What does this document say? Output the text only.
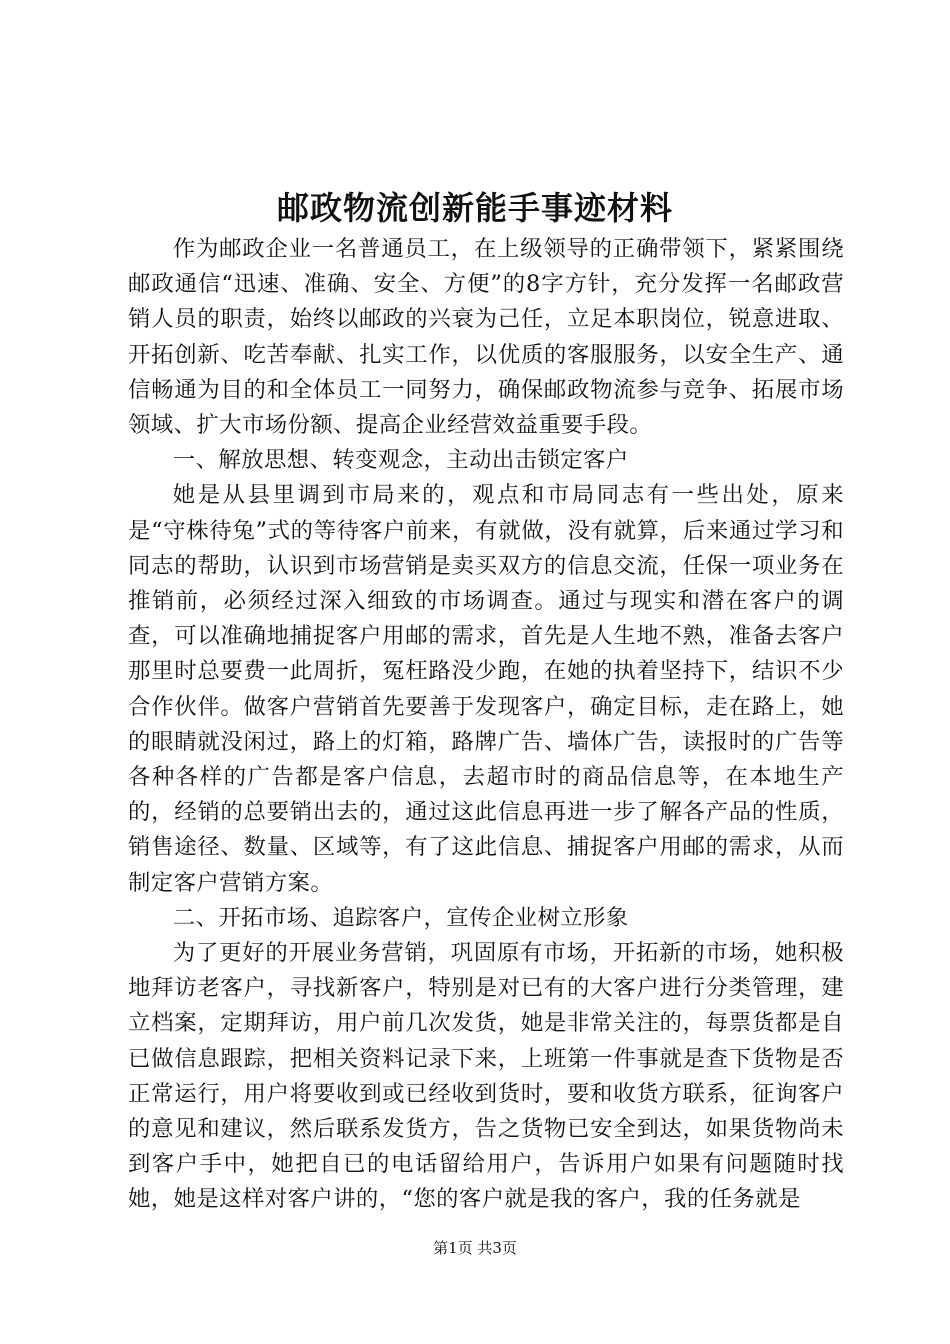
邮政物流创新能手事迹材料

作为邮政企业一名普通员工，在上级领导的正确带领下，紧紧围绕邮政通信“迅速、准确、安全、方便”的8字方针，充分发挥一名邮政营销人员的职责，始终以邮政的兴衰为己任，立足本职岗位，锐意进取、开拓创新、吃苦奉献、扎实工作，以优质的客服服务，以安全生产、通信畅通为目的和全体员工一同努力，确保邮政物流参与竞争、拓展市场领域、扩大市场份额、提高企业经营效益重要手段。

一、解放思想、转变观念，主动出击锁定客户

她是从县里调到市局来的，观点和市局同志有一些出处，原来是“守株待兔”式的等待客户前来，有就做，没有就算，后来通过学习和同志的帮助，认识到市场营销是卖买双方的信息交流，任保一项业务在推销前，必须经过深入细致的市场调查。通过与现实和潜在客户的调查，可以准确地捕捉客户用邮的需求，首先是人生地不熟，准备去客户那里时总要费一此周折，冤枉路没少跑，在她的执着坚持下，结识不少合作伙伴。做客户营销首先要善于发现客户，确定目标，走在路上，她的眼睛就没闲过，路上的灯箱，路牌广告、墙体广告，读报时的广告等各种各样的广告都是客户信息，去超市时的商品信息等，在本地生产的，经销的总要销出去的，通过这此信息再进一步了解各产品的性质，销售途径、数量、区域等，有了这此信息、捕捉客户用邮的需求，从而制定客户营销方案。

二、开拓市场、追踪客户，宣传企业树立形象

为了更好的开展业务营销，巩固原有市场，开拓新的市场，她积极地拜访老客户，寻找新客户，特别是对已有的大客户进行分类管理，建立档案，定期拜访，用户前几次发货，她是非常关注的，每票货都是自已做信息跟踪，把相关资料记录下来，上班第一件事就是查下货物是否正常运行，用户将要收到或已经收到货时，要和收货方联系，征询客户的意见和建议，然后联系发货方，告之货物已安全到达，如果货物尚未到客户手中，她把自已的电话留给用户，告诉用户如果有问题随时找她，她是这样对客户讲的，“您的客户就是我的客户，我的任务就是

第1页 共3页
